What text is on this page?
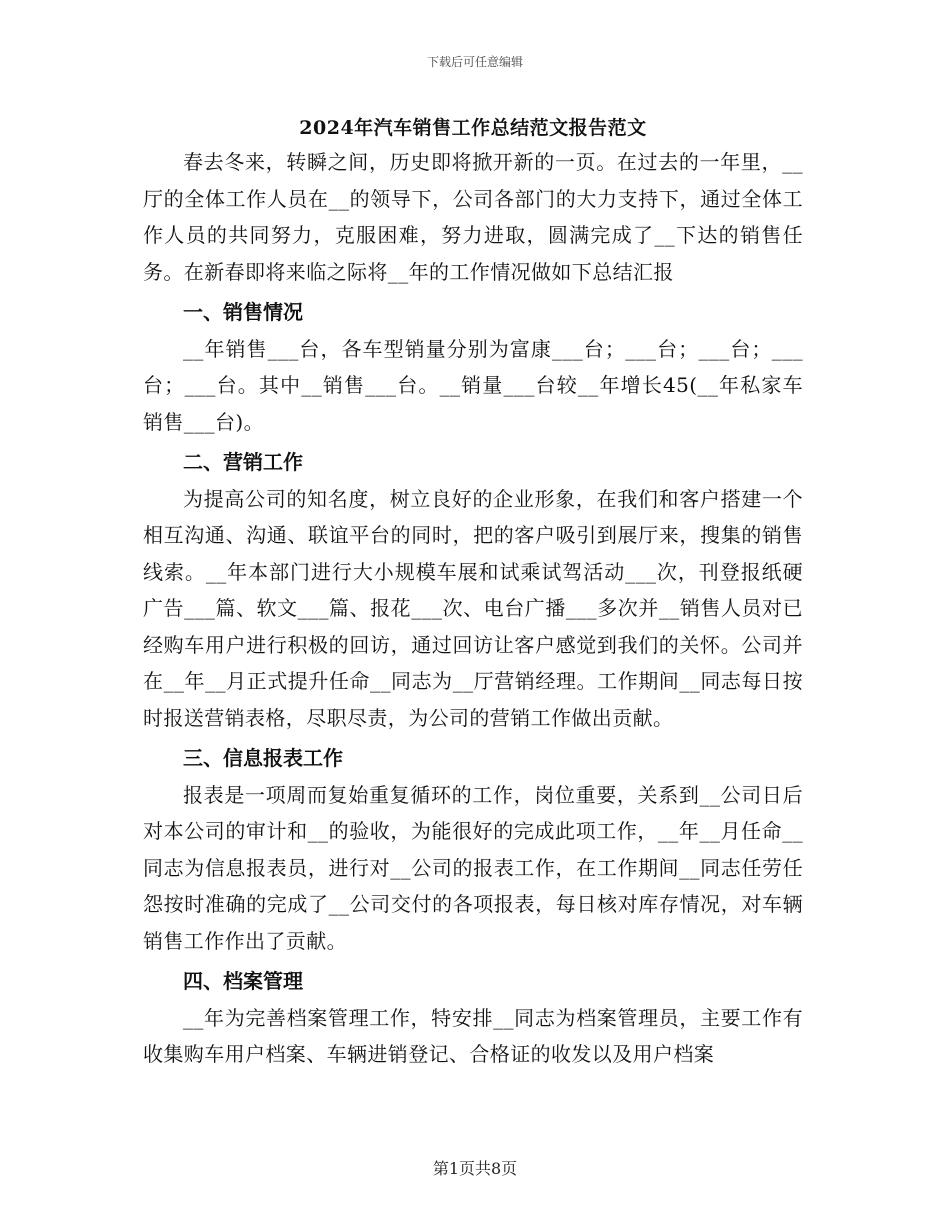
下载后可任意编辑
2024年汽车销售工作总结范文报告范文

春去冬来，转瞬之间，历史即将掀开新的一页。在过去的一年里，__厅的全体工作人员在__的领导下，公司各部门的大力支持下，通过全体工作人员的共同努力，克服困难，努力进取，圆满完成了__下达的销售任务。在新春即将来临之际将__年的工作情况做如下总结汇报

一、销售情况

__年销售___台，各车型销量分别为富康___台；___台；___台；___台；___台。其中__销售___台。__销量___台较__年增长45(__年私家车销售___台)。

二、营销工作

为提高公司的知名度，树立良好的企业形象，在我们和客户搭建一个相互沟通、沟通、联谊平台的同时，把的客户吸引到展厅来，搜集的销售线索。__年本部门进行大小规模车展和试乘试驾活动___次，刊登报纸硬广告___篇、软文___篇、报花___次、电台广播___多次并__销售人员对已经购车用户进行积极的回访，通过回访让客户感觉到我们的关怀。公司并在__年__月正式提升任命__同志为__厅营销经理。工作期间__同志每日按时报送营销表格，尽职尽责，为公司的营销工作做出贡献。

三、信息报表工作

报表是一项周而复始重复循环的工作，岗位重要，关系到__公司日后对本公司的审计和__的验收，为能很好的完成此项工作，__年__月任命__同志为信息报表员，进行对__公司的报表工作，在工作期间__同志任劳任怨按时准确的完成了__公司交付的各项报表，每日核对库存情况，对车辆销售工作作出了贡献。

四、档案管理

__年为完善档案管理工作，特安排__同志为档案管理员，主要工作有收集购车用户档案、车辆进销登记、合格证的收发以及用户档案

第1页共8页
